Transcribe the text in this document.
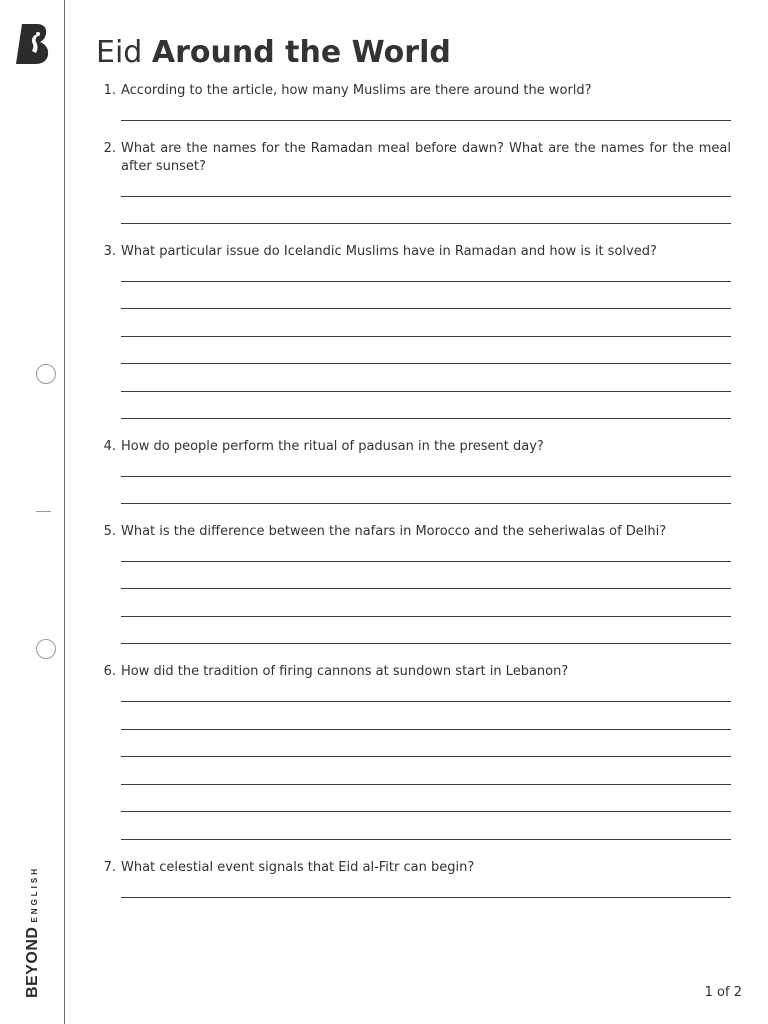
BEYOND
ENGLISH
Eid Around the World
1. According to the article, how many Muslims are there around the world?
2. What are the names for the Ramadan meal before dawn? What are the names for the meal after sunset?
3. What particular issue do Icelandic Muslims have in Ramadan and how is it solved?
4. How do people perform the ritual of padusan in the present day?
5. What is the difference between the nafars in Morocco and the seheriwalas of Delhi?
6. How did the tradition of firing cannons at sundown start in Lebanon?
7. What celestial event signals that Eid al-Fitr can begin?
1 of 2
